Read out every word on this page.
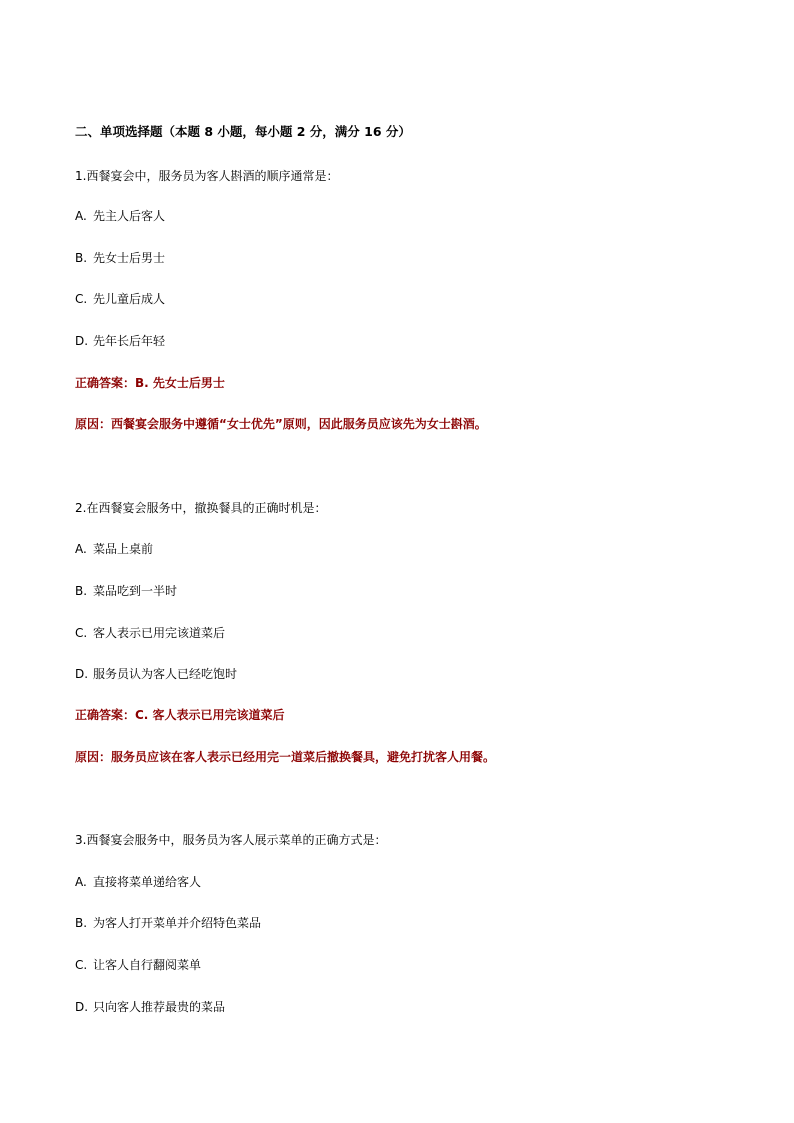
二、单项选择题（本题 8 小题，每小题 2 分，满分 16 分）
1.西餐宴会中，服务员为客人斟酒的顺序通常是：
A. 先主人后客人
B. 先女士后男士
C. 先儿童后成人
D. 先年长后年轻
正确答案：B. 先女士后男士
原因：西餐宴会服务中遵循“女士优先”原则，因此服务员应该先为女士斟酒。
2.在西餐宴会服务中，撤换餐具的正确时机是：
A. 菜品上桌前
B. 菜品吃到一半时
C. 客人表示已用完该道菜后
D. 服务员认为客人已经吃饱时
正确答案：C. 客人表示已用完该道菜后
原因：服务员应该在客人表示已经用完一道菜后撤换餐具，避免打扰客人用餐。
3.西餐宴会服务中，服务员为客人展示菜单的正确方式是：
A. 直接将菜单递给客人
B. 为客人打开菜单并介绍特色菜品
C. 让客人自行翻阅菜单
D. 只向客人推荐最贵的菜品
